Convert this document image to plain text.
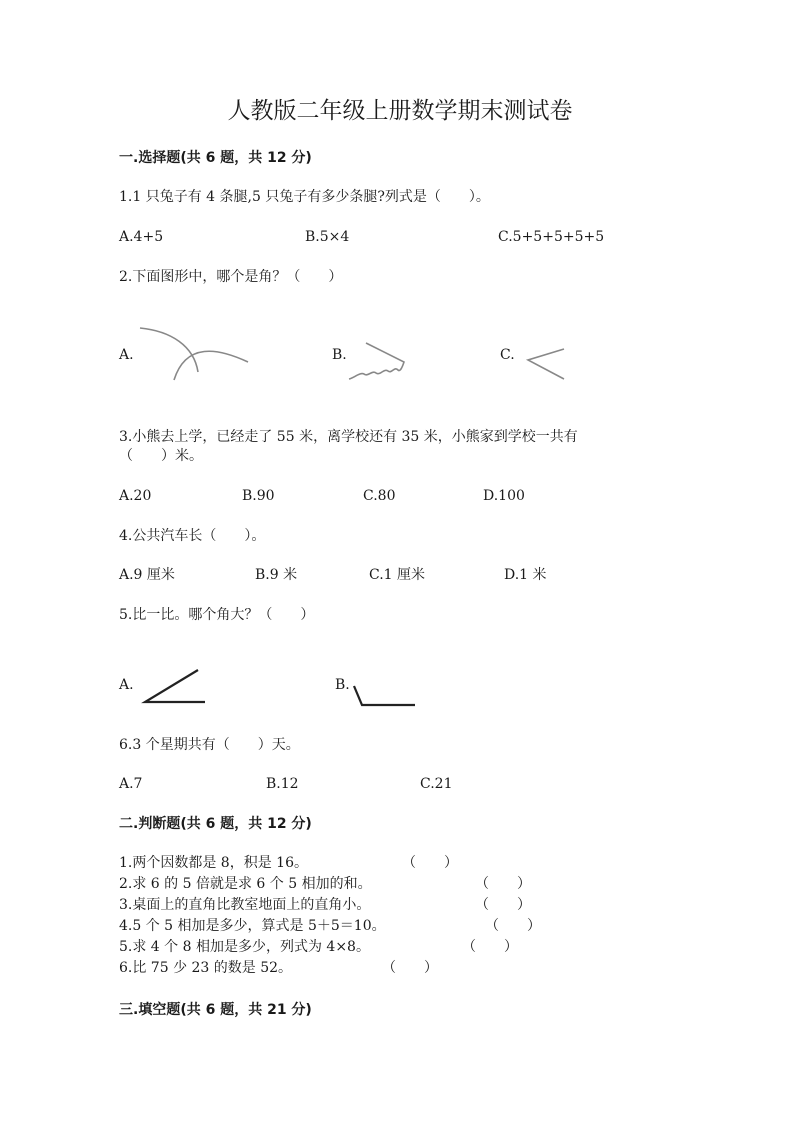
人教版二年级上册数学期末测试卷
一.选择题(共 6 题，共 12 分)
1.1 只兔子有 4 条腿,5 只兔子有多少条腿?列式是（　　）。
A.4+5	B.5×4	C.5+5+5+5+5
2.下面图形中，哪个是角？（　　）
A.	B.	C.
3.小熊去上学，已经走了 55 米，离学校还有 35 米，小熊家到学校一共有
（　　）米。
A.20	B.90	C.80	D.100
4.公共汽车长（　　）。
A.9 厘米	B.9 米	C.1 厘米	D.1 米
5.比一比。哪个角大？（　　）
A.	B.
6.3 个星期共有（　　）天。
A.7	B.12	C.21
二.判断题(共 6 题，共 12 分)
1.两个因数都是 8，积是 16。	（　　）
2.求 6 的 5 倍就是求 6 个 5 相加的和。	（　　）
3.桌面上的直角比教室地面上的直角小。	（　　）
4.5 个 5 相加是多少，算式是 5＋5＝10。	（　　）
5.求 4 个 8 相加是多少，列式为 4×8。	（　　）
6.比 75 少 23 的数是 52。	（　　）
三.填空题(共 6 题，共 21 分)
